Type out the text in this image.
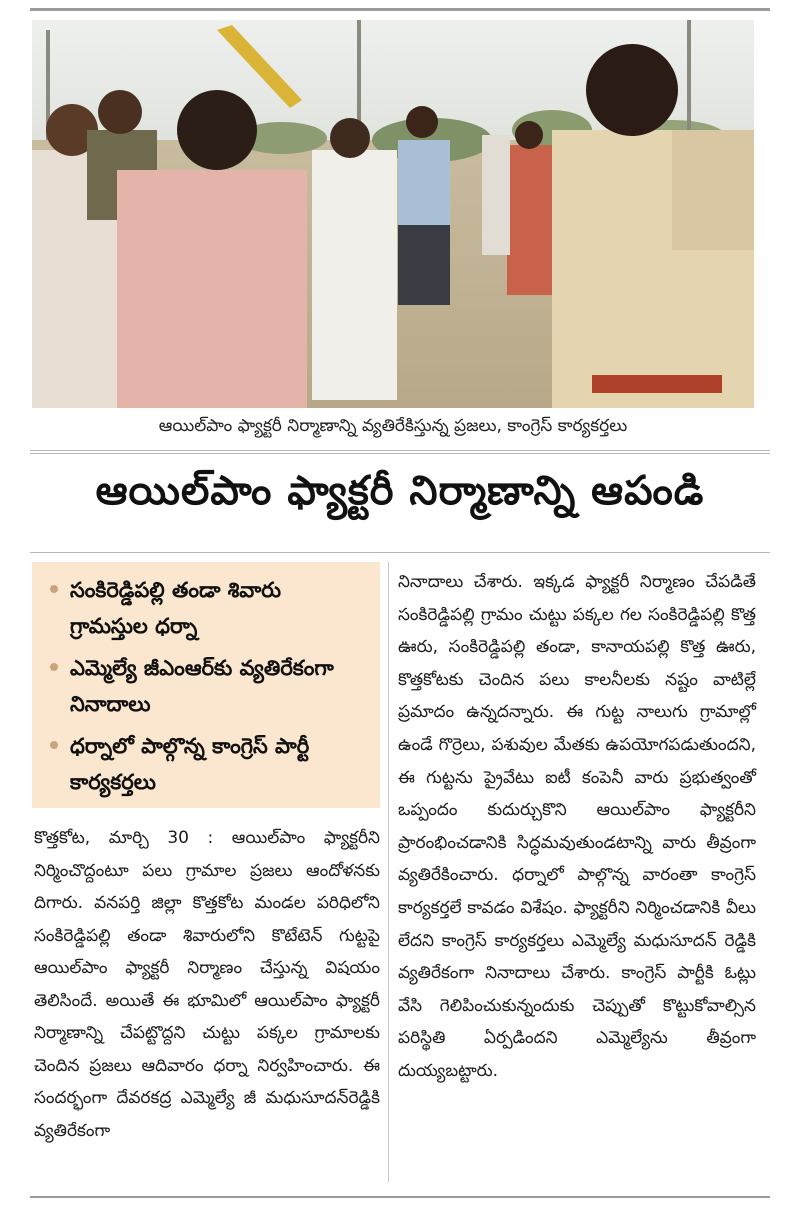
ఆయిల్‌పాం ఫ్యాక్టరీ నిర్మాణాన్ని వ్యతిరేకిస్తున్న ప్రజలు, కాంగ్రెస్ కార్యకర్తలు
ఆయిల్‌పాం ఫ్యాక్టరీ నిర్మాణాన్ని ఆపండి
సంకిరెడ్డిపల్లి తండా శివారు గ్రామస్తుల ధర్నా
ఎమ్మెల్యే జీఎంఆర్‌కు వ్యతిరేకంగా నినాదాలు
ధర్నాలో పాల్గొన్న కాంగ్రెస్ పార్టీ కార్యకర్తలు

కొత్తకోట, మార్చి 30 : ఆయిల్‌పాం ఫ్యాక్టరీని నిర్మించొద్దంటూ పలు గ్రామాల ప్రజలు ఆందోళనకు దిగారు. వనపర్తి జిల్లా కొత్తకోట మండల పరిధిలోని సంకిరెడ్డిపల్లి తండా శివారులోని కొటేటెన్ గుట్టపై ఆయిల్‌పాం ఫ్యాక్టరీ నిర్మాణం చేస్తున్న విషయం తెలిసిందే. అయితే ఈ భూమిలో ఆయిల్‌పాం ఫ్యాక్టరీ నిర్మాణాన్ని చేపట్టొద్దని చుట్టు పక్కల గ్రామాలకు చెందిన ప్రజలు ఆదివారం ధర్నా నిర్వహించారు. ఈ సందర్భంగా దేవరకద్ర ఎమ్మెల్యే జీ మధుసూదన్‌రెడ్డికి వ్యతిరేకంగా

నినాదాలు చేశారు. ఇక్కడ ఫ్యాక్టరీ నిర్మాణం చేపడితే సంకిరెడ్డిపల్లి గ్రామం చుట్టు పక్కల గల సంకిరెడ్డిపల్లి కొత్త ఊరు, సంకిరెడ్డిపల్లి తండా, కానాయపల్లి కొత్త ఊరు, కొత్తకోటకు చెందిన పలు కాలనీలకు నష్టం వాటిల్లే ప్రమాదం ఉన్నదన్నారు. ఈ గుట్ట నాలుగు గ్రామాల్లో ఉండే గొర్రెలు, పశువుల మేతకు ఉపయోగపడుతుందని, ఈ గుట్టను ప్రైవేటు ఐటీ కంపెనీ వారు ప్రభుత్వంతో ఒప్పందం కుదుర్చుకొని ఆయిల్‌పాం ఫ్యాక్టరీని ప్రారంభించడానికి సిద్ధమవుతుండటాన్ని వారు తీవ్రంగా వ్యతిరేకించారు. ధర్నాలో పాల్గొన్న వారంతా కాంగ్రెస్ కార్యకర్తలే కావడం విశేషం. ఫ్యాక్టరీని నిర్మించడానికి వీలు లేదని కాంగ్రెస్ కార్యకర్తలు ఎమ్మెల్యే మధుసూదన్ రెడ్డికి వ్యతిరేకంగా నినాదాలు చేశారు. కాంగ్రెస్ పార్టీకి ఓట్లు వేసి గెలిపించుకున్నందుకు చెప్పుతో కొట్టుకోవాల్సిన పరిస్థితి ఏర్పడిందని ఎమ్మెల్యేను తీవ్రంగా దుయ్యబట్టారు.
